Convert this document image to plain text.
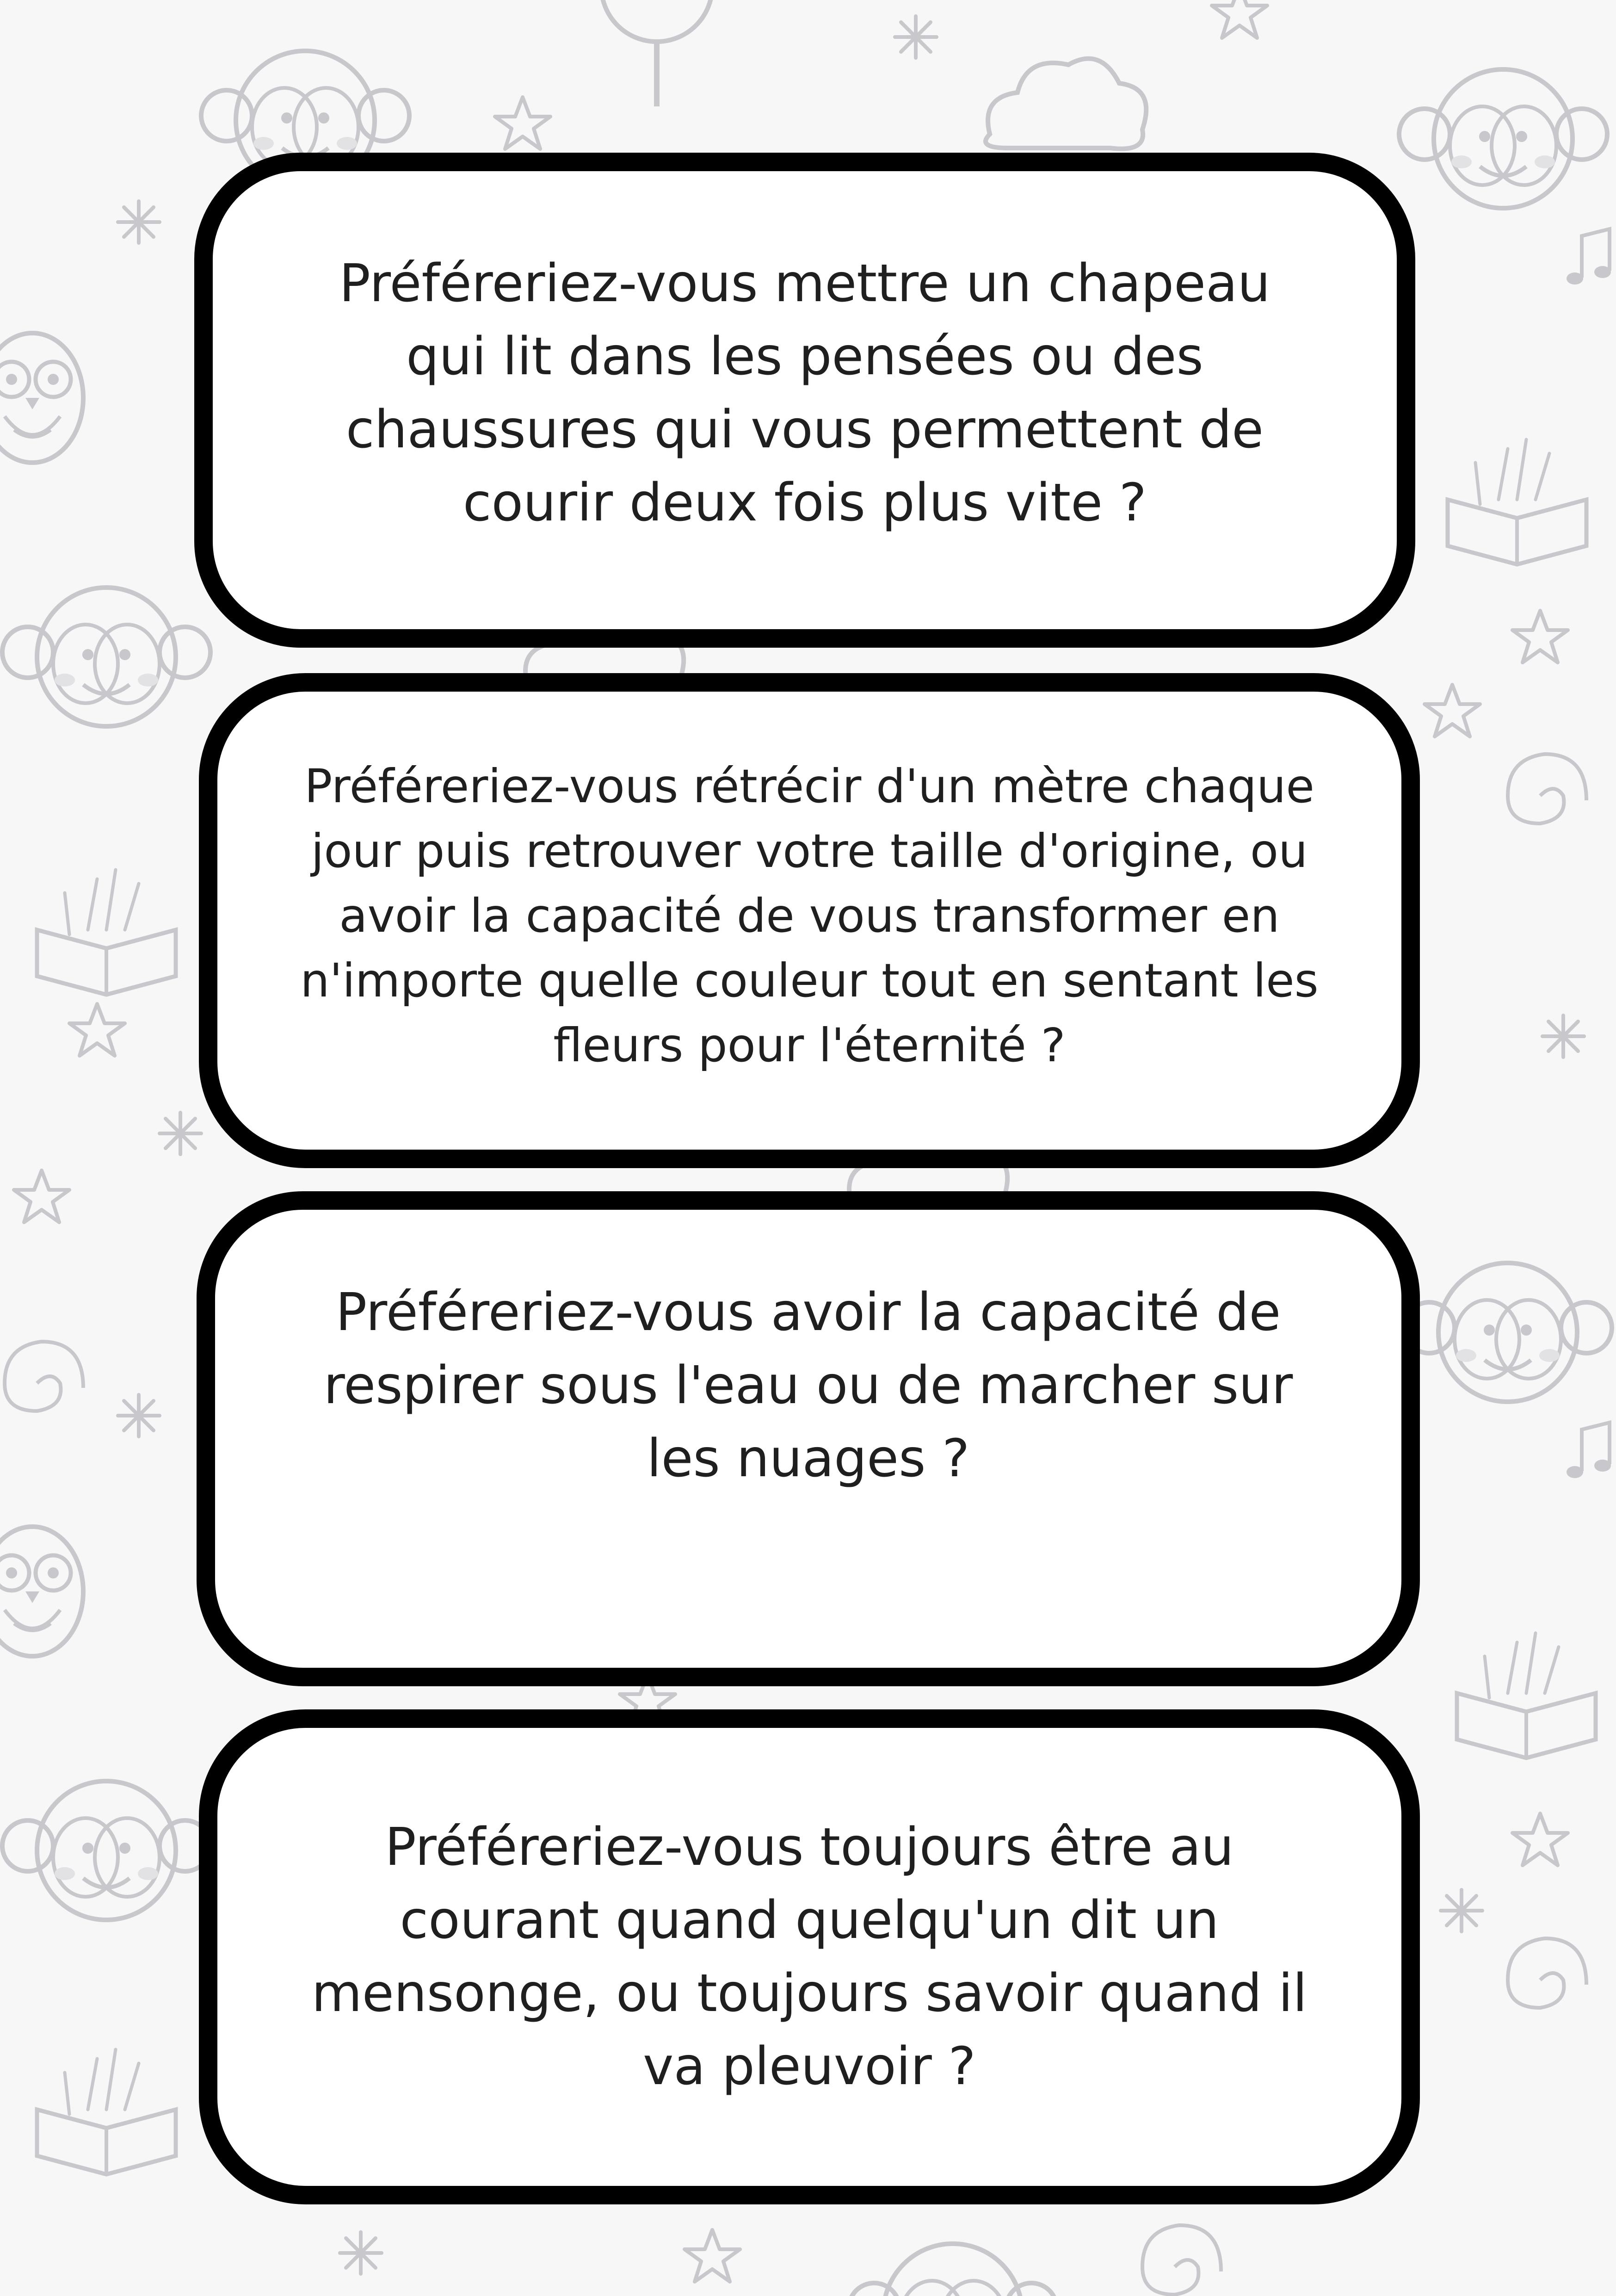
Préféreriez-vous mettre un chapeau qui lit dans les pensées ou des chaussures qui vous permettent de courir deux fois plus vite ?

Préféreriez-vous rétrécir d'un mètre chaque jour puis retrouver votre taille d'origine, ou avoir la capacité de vous transformer en n'importe quelle couleur tout en sentant les fleurs pour l'éternité ?

Préféreriez-vous avoir la capacité de respirer sous l'eau ou de marcher sur les nuages ?

Préféreriez-vous toujours être au courant quand quelqu'un dit un mensonge, ou toujours savoir quand il va pleuvoir ?
